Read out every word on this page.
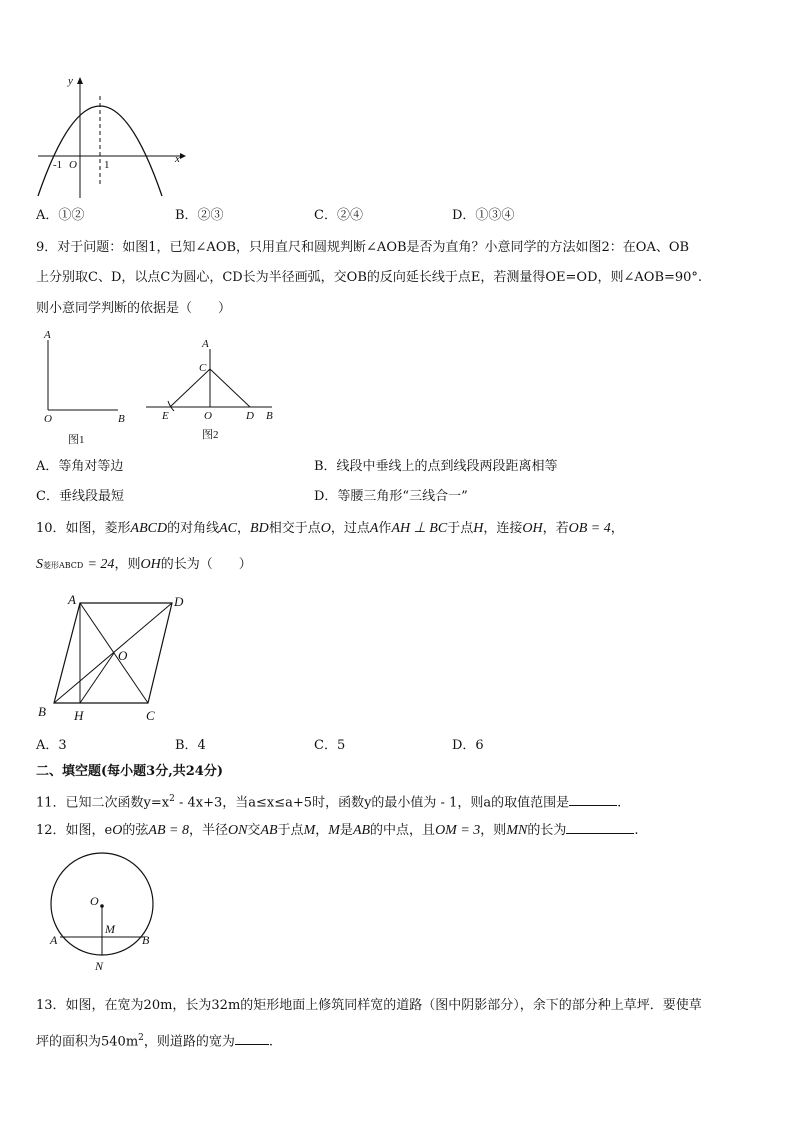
y
x
O
-1	1
A．①②	B．②③	C．②④	D．①③④
9．对于问题：如图1，已知∠AOB，只用直尺和圆规判断∠AOB是否为直角？小意同学的方法如图2：在OA、OB
上分别取C、D，以点C为圆心，CD长为半径画弧，交OB的反向延长线于点E，若测量得OE=OD，则∠AOB=90°.
则小意同学判断的依据是（　　）
A
O	B
图1
A
C
E	O	D B
图2
A．等角对等边	B．线段中垂线上的点到线段两段距离相等
C．垂线段最短	D．等腰三角形“三线合一”
10．如图，菱形ABCD的对角线AC，BD相交于点O，过点A作AH ⊥ BC于点H，连接OH，若OB = 4，
S菱形ABCD = 24，则OH的长为（　　）
A	D
O
B H	C
A．3	B．4	C．5	D．6
二、填空题(每小题3分,共24分)
11．已知二次函数$y=x^2 - 4x+3$，当a≤x≤a+5时，函数y的最小值为 - 1，则a的取值范围是	.
12．如图，eO的弦AB = 8，半径ON交AB于点M，M是AB的中点，且OM = 3，则MN的长为	.
O
M
A	B
N
13．如图，在宽为20m，长为32m的矩形地面上修筑同样宽的道路（图中阴影部分），余下的部分种上草坪．要使草
坪的面积为$540m^2$，则道路的宽为	.
